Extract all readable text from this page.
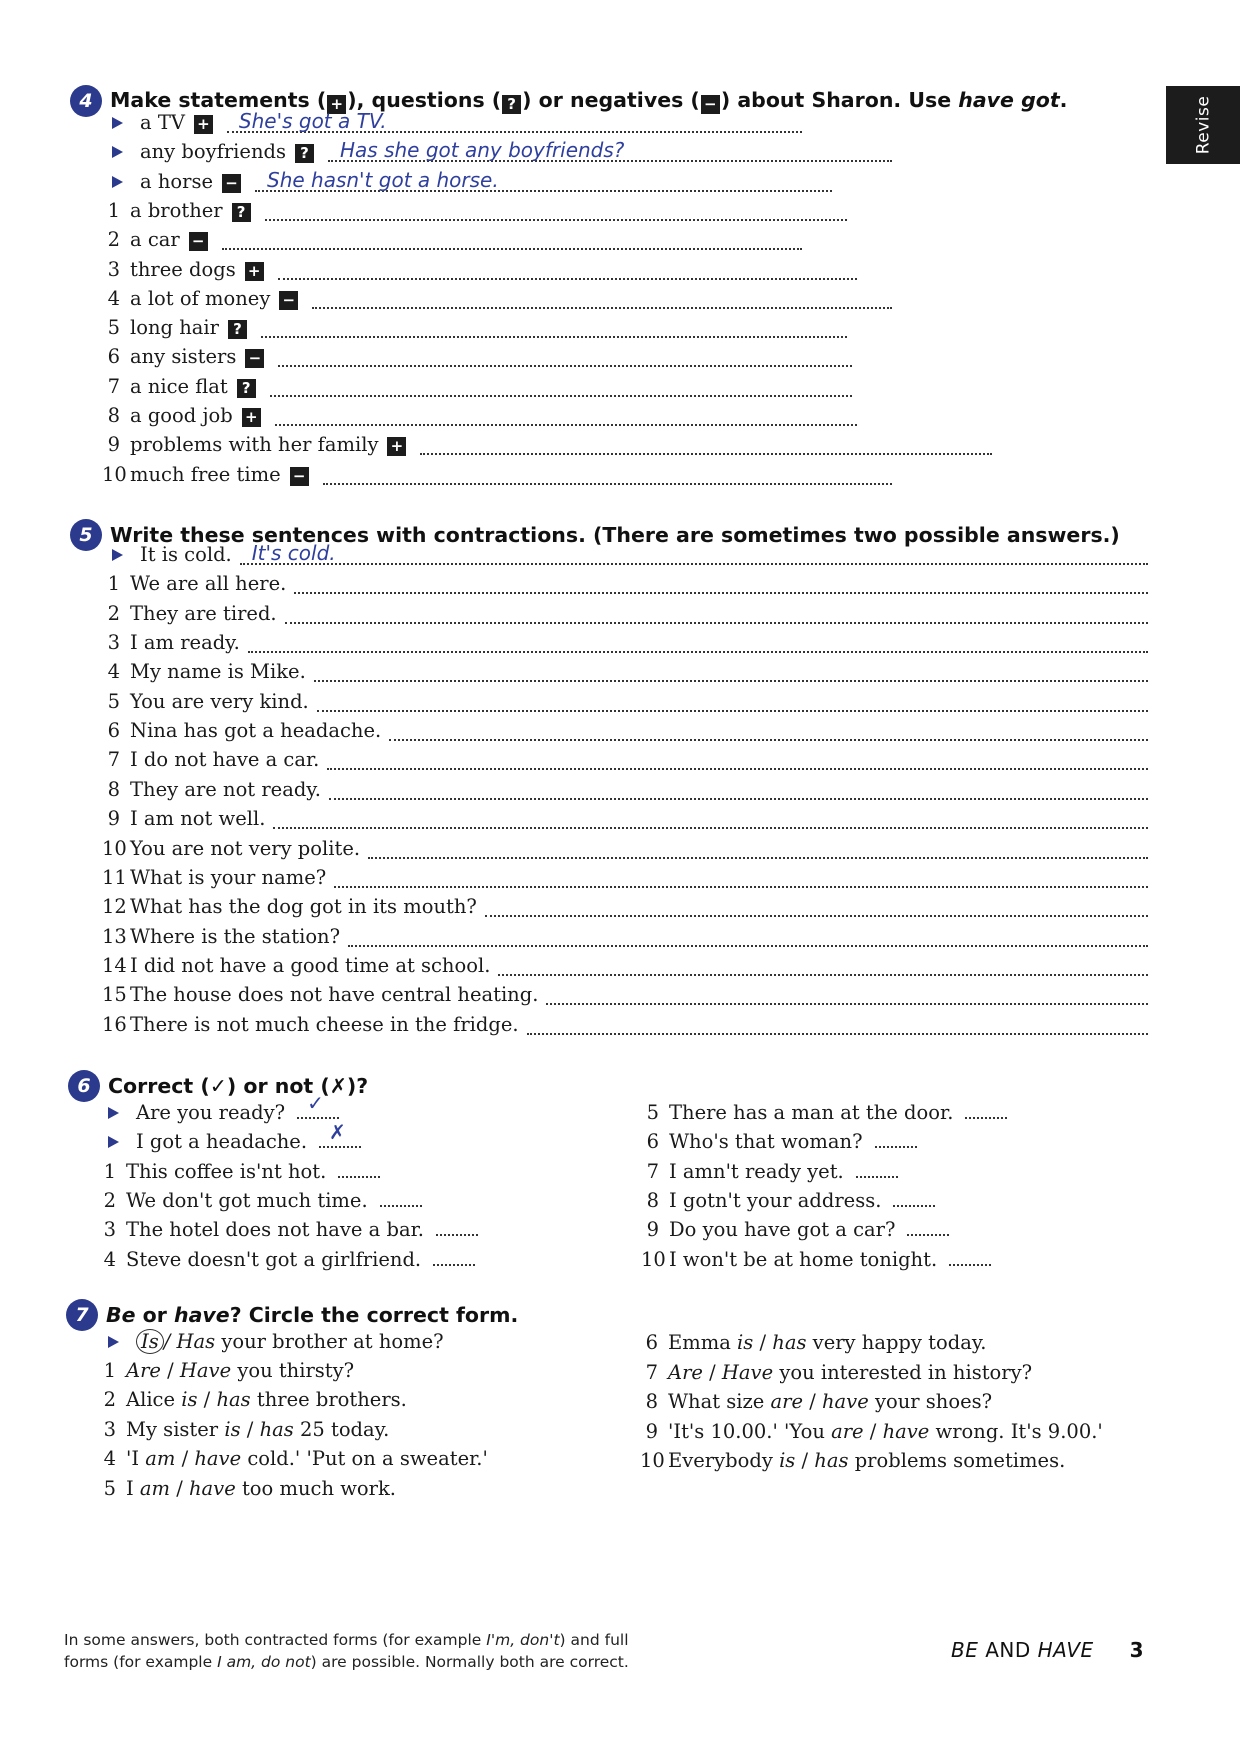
Revise
4 Make statements ( + ), questions ( ? ) or negatives ( − ) about Sharon. Use have got.
a TV + She's got a TV.
any boyfriends ? Has she got any boyfriends?
a horse − She hasn't got a horse.
1 a brother ?
2 a car −
3 three dogs +
4 a lot of money −
5 long hair ?
6 any sisters −
7 a nice flat ?
8 a good job +
9 problems with her family +
10 much free time −
5 Write these sentences with contractions. (There are sometimes two possible answers.)
It is cold. It's cold.
1 We are all here.
2 They are tired.
3 I am ready.
4 My name is Mike.
5 You are very kind.
6 Nina has got a headache.
7 I do not have a car.
8 They are not ready.
9 I am not well.
10 You are not very polite.
11 What is your name?
12 What has the dog got in its mouth?
13 Where is the station?
14 I did not have a good time at school.
15 The house does not have central heating.
16 There is not much cheese in the fridge.
6 Correct (✓) or not (✗)?
Are you ready? ✓
I got a headache. ✗
1 This coffee is'nt hot.
2 We don't got much time.
3 The hotel does not have a bar.
4 Steve doesn't got a girlfriend.
5 There has a man at the door.
6 Who's that woman?
7 I amn't ready yet.
8 I gotn't your address.
9 Do you have got a car?
10 I won't be at home tonight.
7 Be or have? Circle the correct form.
Is / Has your brother at home?
1 Are / Have you thirsty?
2 Alice is / has three brothers.
3 My sister is / has 25 today.
4 'I am / have cold.' 'Put on a sweater.'
5 I am / have too much work.
6 Emma is / has very happy today.
7 Are / Have you interested in history?
8 What size are / have your shoes?
9 'It's 10.00.' 'You are / have wrong. It's 9.00.'
10 Everybody is / has problems sometimes.
In some answers, both contracted forms (for example I'm, don't) and full
forms (for example I am, do not) are possible. Normally both are correct.	BE AND HAVE 3
